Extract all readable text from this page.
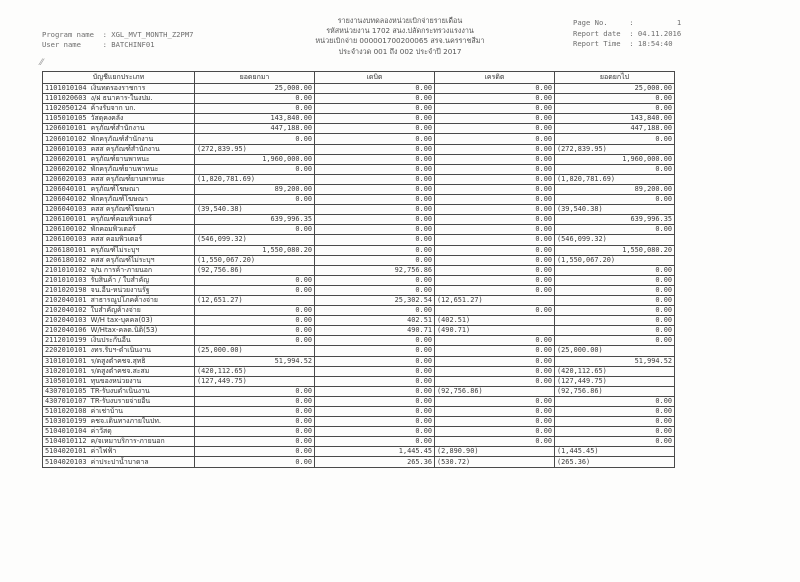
รายงานงบทดลองหน่วยเบิกจ่ายรายเดือน
รหัสหน่วยงาน 1702 สนง.ปลัดกระทรวงแรงงาน
หน่วยเบิกจ่าย 000001700200065 สรจ.นครราชสีมา
ประจำงวด 001 ถึง 002 ประจำปี 2017
Program name  : XGL_MVT_MONTH_Z2PM7
User name     : BATCHINF01
Page No.     :          1
Report date  : 04.11.2016
Report Time  : 18:54:40
⁄⁄
บัญชีแยกประเภท	ยอดยกมา	เดบิต	เครดิต	ยอดยกไป
1101010104 เงินทดรองราชการ	25,000.00	0.00	0.00	25,000.00
1101020603 ง/ฝ ธนาคาร-ในงปม.	0.00	0.00	0.00	0.00
1102050124 ค้างรับจาก บก.	0.00	0.00	0.00	0.00
1105010105 วัสดุคงคลัง	143,840.00	0.00	0.00	143,840.00
1206010101 ครุภัณฑ์สำนักงาน	447,188.00	0.00	0.00	447,188.00
1206010102 พักครุภัณฑ์สำนักงาน	0.00	0.00	0.00	0.00
1206010103 คสส ครุภัณฑ์สำนักงาน	(272,839.95)	0.00	0.00	(272,839.95)
1206020101 ครุภัณฑ์ยานพาหนะ	1,960,000.00	0.00	0.00	1,960,000.00
1206020102 พักครุภัณฑ์ยานพาหนะ	0.00	0.00	0.00	0.00
1206020103 คสส ครุภัณฑ์ยานพาหนะ	(1,820,781.69)	0.00	0.00	(1,820,781.69)
1206040101 ครุภัณฑ์โฆษณา	89,200.00	0.00	0.00	89,200.00
1206040102 พักครุภัณฑ์โฆษณา	0.00	0.00	0.00	0.00
1206040103 คสส ครุภัณฑ์โฆษณา	(39,540.38)	0.00	0.00	(39,540.38)
1206100101 ครุภัณฑ์คอมพิวเตอร์	639,996.35	0.00	0.00	639,996.35
1206100102 พักคอมพิวเตอร์	0.00	0.00	0.00	0.00
1206100103 คสส คอมพิวเตอร์	(546,099.32)	0.00	0.00	(546,099.32)
1206180101 ครุภัณฑ์ไม่ระบุฯ	1,550,080.20	0.00	0.00	1,550,080.20
1206180102 คสส ครุภัณฑ์ไม่ระบุฯ	(1,550,067.20)	0.00	0.00	(1,550,067.20)
2101010102 จ/น การค้า-ภายนอก	(92,756.86)	92,756.86	0.00	0.00
2101010103 รับสินค้า / ใบสำคัญ	0.00	0.00	0.00	0.00
2101020198 จน.อื่น-หน่วยงานรัฐ	0.00	0.00	0.00	0.00
2102040101 สาธารณูปโภคค้างจ่าย	(12,651.27)	25,302.54	(12,651.27)	0.00
2102040102 ใบสำคัญค้างจ่าย	0.00	0.00	0.00	0.00
2102040103 W/H tax-บุคคล(03)	0.00	402.51	(402.51)	0.00
2102040106 W/Htax-คลต.นิติ(53)	0.00	490.71	(490.71)	0.00
2112010199 เงินประกันอื่น	0.00	0.00	0.00	0.00
2202010101 งทร.รับฯ-ดำเนินงาน	(25,000.00)	0.00	0.00	(25,000.00)
3101010101 ร/ดสูงต่ำคชจ.สุทธิ	51,994.52	0.00	0.00	51,994.52
3102010101 ร/ดสูงต่ำคชจ.สะสม	(420,112.65)	0.00	0.00	(420,112.65)
3105010101 ทุนของหน่วยงาน	(127,449.75)	0.00	0.00	(127,449.75)
4307010105 TR-รับงบดำเนินงาน	0.00	0.00	(92,756.86)	(92,756.86)
4307010107 TR-รับงบรายจ่ายอื่น	0.00	0.00	0.00	0.00
5101020108 ค่าเช่าบ้าน	0.00	0.00	0.00	0.00
5103010199 คชจ.เดินทางภายในปท.	0.00	0.00	0.00	0.00
5104010104 ค่าวัสดุ	0.00	0.00	0.00	0.00
5104010112 ค/จเหมาบริการ-ภายนอก	0.00	0.00	0.00	0.00
5104020101 ค่าไฟฟ้า	0.00	1,445.45	(2,890.90)	(1,445.45)
5104020103 ค่าประปาน้ำบาดาล	0.00	265.36	(530.72)	(265.36)
